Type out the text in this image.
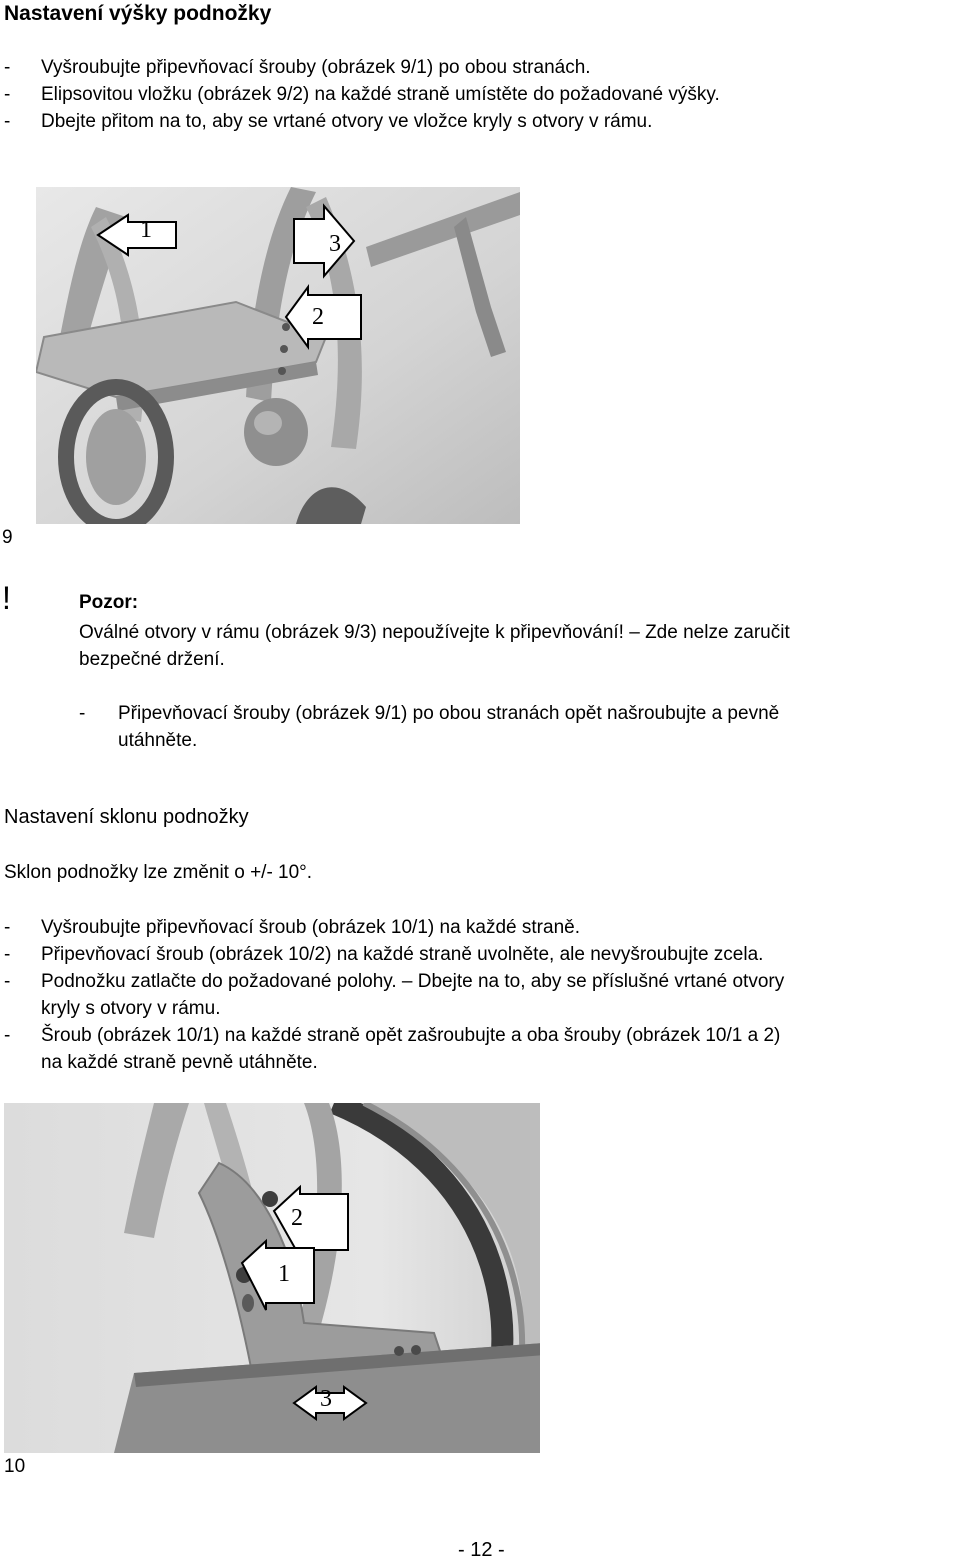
Nastavení výšky podnožky
- Vyšroubujte připevňovací šrouby (obrázek 9/1) po obou stranách.
- Elipsovitou vložku (obrázek 9/2) na každé straně umístěte do požadované výšky.
- Dbejte přitom na to, aby se vrtané otvory ve vložce kryly s otvory v rámu.
1
3
2
9
!	Pozor:
Oválné otvory v rámu (obrázek 9/3) nepoužívejte k připevňování! – Zde nelze zaručit
bezpečné držení.
- Připevňovací šrouby (obrázek 9/1) po obou stranách opět našroubujte a pevně
utáhněte.
Nastavení sklonu podnožky
Sklon podnožky lze změnit o +/- 10°.
- Vyšroubujte připevňovací šroub (obrázek 10/1) na každé straně.
- Připevňovací šroub (obrázek 10/2) na každé straně uvolněte, ale nevyšroubujte zcela.
- Podnožku zatlačte do požadované polohy. – Dbejte na to, aby se příslušné vrtané otvory
kryly s otvory v rámu.
- Šroub (obrázek 10/1) na každé straně opět zašroubujte a oba šrouby (obrázek 10/1 a 2)
na každé straně pevně utáhněte.
2
1
3
10
- 12 -
